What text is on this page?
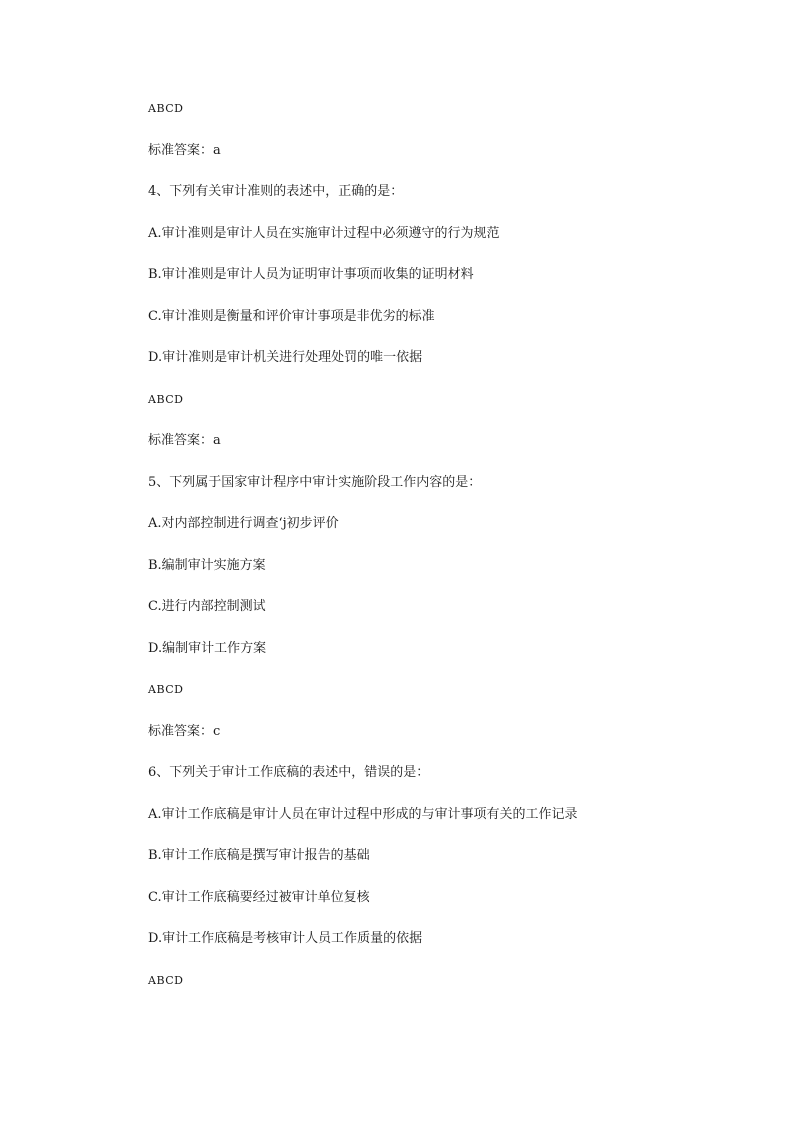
ABCD
标准答案：a
4、下列有关审计准则的表述中，正确的是：
A.审计准则是审计人员在实施审计过程中必须遵守的行为规范
B.审计准则是审计人员为证明审计事项而收集的证明材料
C.审计准则是衡量和评价审计事项是非优劣的标准
D.审计准则是审计机关进行处理处罚的唯一依据
ABCD
标准答案：a
5、下列属于国家审计程序中审计实施阶段工作内容的是：
A.对内部控制进行调查‘j初步评价
B.编制审计实施方案
C.进行内部控制测试
D.编制审计工作方案
ABCD
标准答案：c
6、下列关于审计工作底稿的表述中，错误的是：
A.审计工作底稿是审计人员在审计过程中形成的与审计事项有关的工作记录
B.审计工作底稿是撰写审计报告的基础
C.审计工作底稿要经过被审计单位复核
D.审计工作底稿是考核审计人员工作质量的依据
ABCD
